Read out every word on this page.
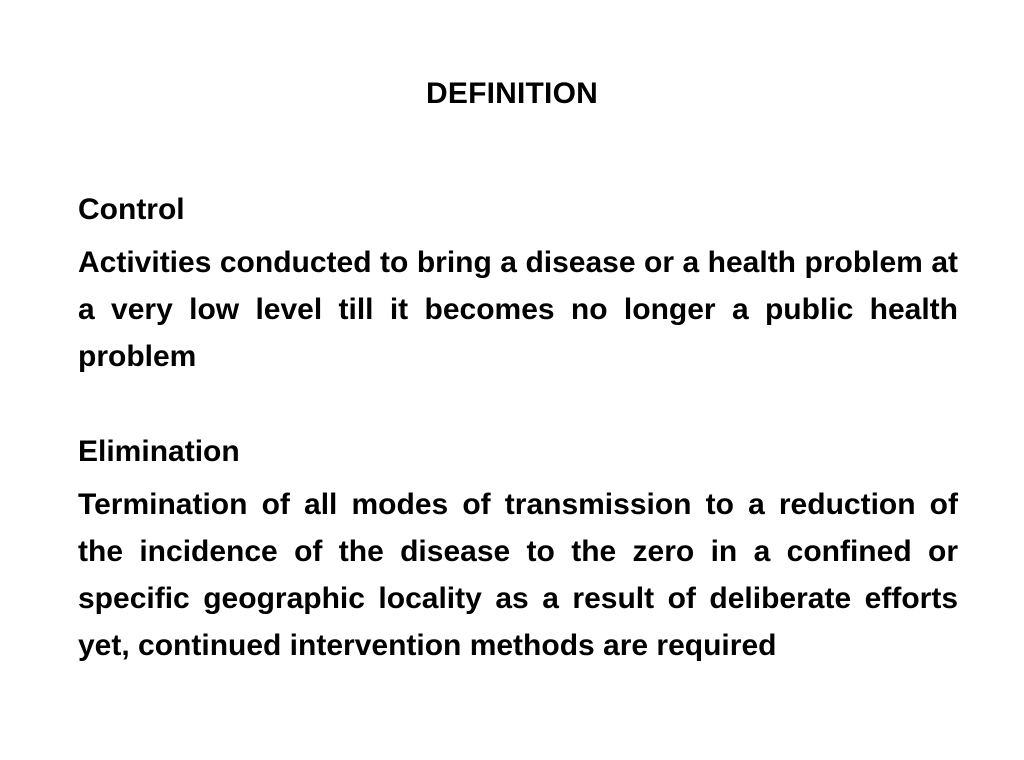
DEFINITION

Control

Activities conducted to bring a disease or a health problem at a very low level till it becomes no longer a public health problem

Elimination

Termination of all modes of transmission to a reduction of the incidence of the disease to the zero in a confined or specific geographic locality as a result of deliberate efforts yet, continued intervention methods are required
